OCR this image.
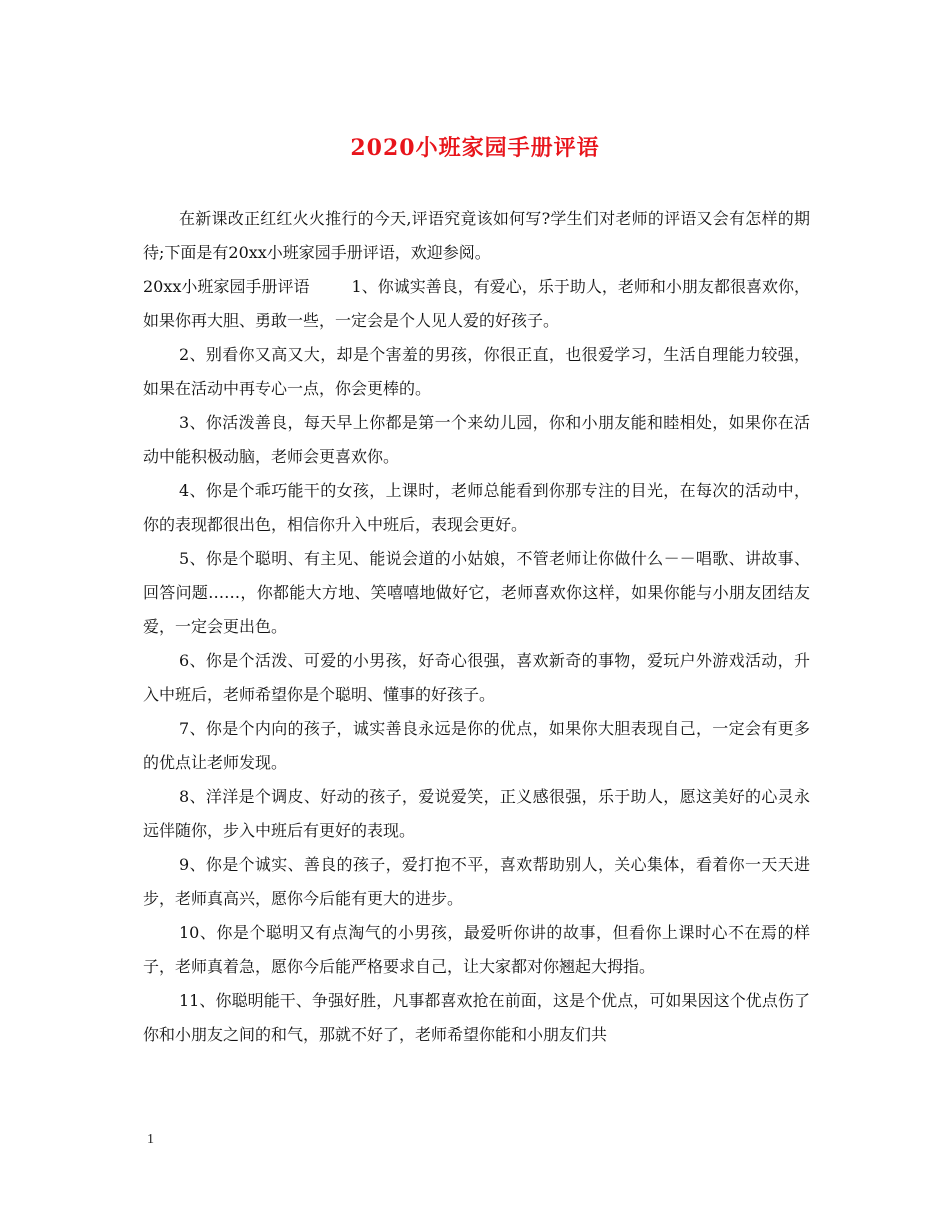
2020小班家园手册评语

在新课改正红红火火推行的今天,评语究竟该如何写?学生们对老师的评语又会有怎样的期待;下面是有20xx小班家园手册评语，欢迎参阅。

20xx小班家园手册评语	1、你诚实善良，有爱心，乐于助人，老师和小朋友都很喜欢你，如果你再大胆、勇敢一些，一定会是个人见人爱的好孩子。

2、别看你又高又大，却是个害羞的男孩，你很正直，也很爱学习，生活自理能力较强，如果在活动中再专心一点，你会更棒的。

3、你活泼善良，每天早上你都是第一个来幼儿园，你和小朋友能和睦相处，如果你在活动中能积极动脑，老师会更喜欢你。

4、你是个乖巧能干的女孩，上课时，老师总能看到你那专注的目光，在每次的活动中，你的表现都很出色，相信你升入中班后，表现会更好。

5、你是个聪明、有主见、能说会道的小姑娘，不管老师让你做什么－－唱歌、讲故事、回答问题……，你都能大方地、笑嘻嘻地做好它，老师喜欢你这样，如果你能与小朋友团结友爱，一定会更出色。

6、你是个活泼、可爱的小男孩，好奇心很强，喜欢新奇的事物，爱玩户外游戏活动，升入中班后，老师希望你是个聪明、懂事的好孩子。

7、你是个内向的孩子，诚实善良永远是你的优点，如果你大胆表现自己，一定会有更多的优点让老师发现。

8、洋洋是个调皮、好动的孩子，爱说爱笑，正义感很强，乐于助人，愿这美好的心灵永远伴随你，步入中班后有更好的表现。

9、你是个诚实、善良的孩子，爱打抱不平，喜欢帮助别人，关心集体，看着你一天天进步，老师真高兴，愿你今后能有更大的进步。

10、你是个聪明又有点淘气的小男孩，最爱听你讲的故事，但看你上课时心不在焉的样子，老师真着急，愿你今后能严格要求自己，让大家都对你翘起大拇指。

11、你聪明能干、争强好胜，凡事都喜欢抢在前面，这是个优点，可如果因这个优点伤了你和小朋友之间的和气，那就不好了，老师希望你能和小朋友们共

1
